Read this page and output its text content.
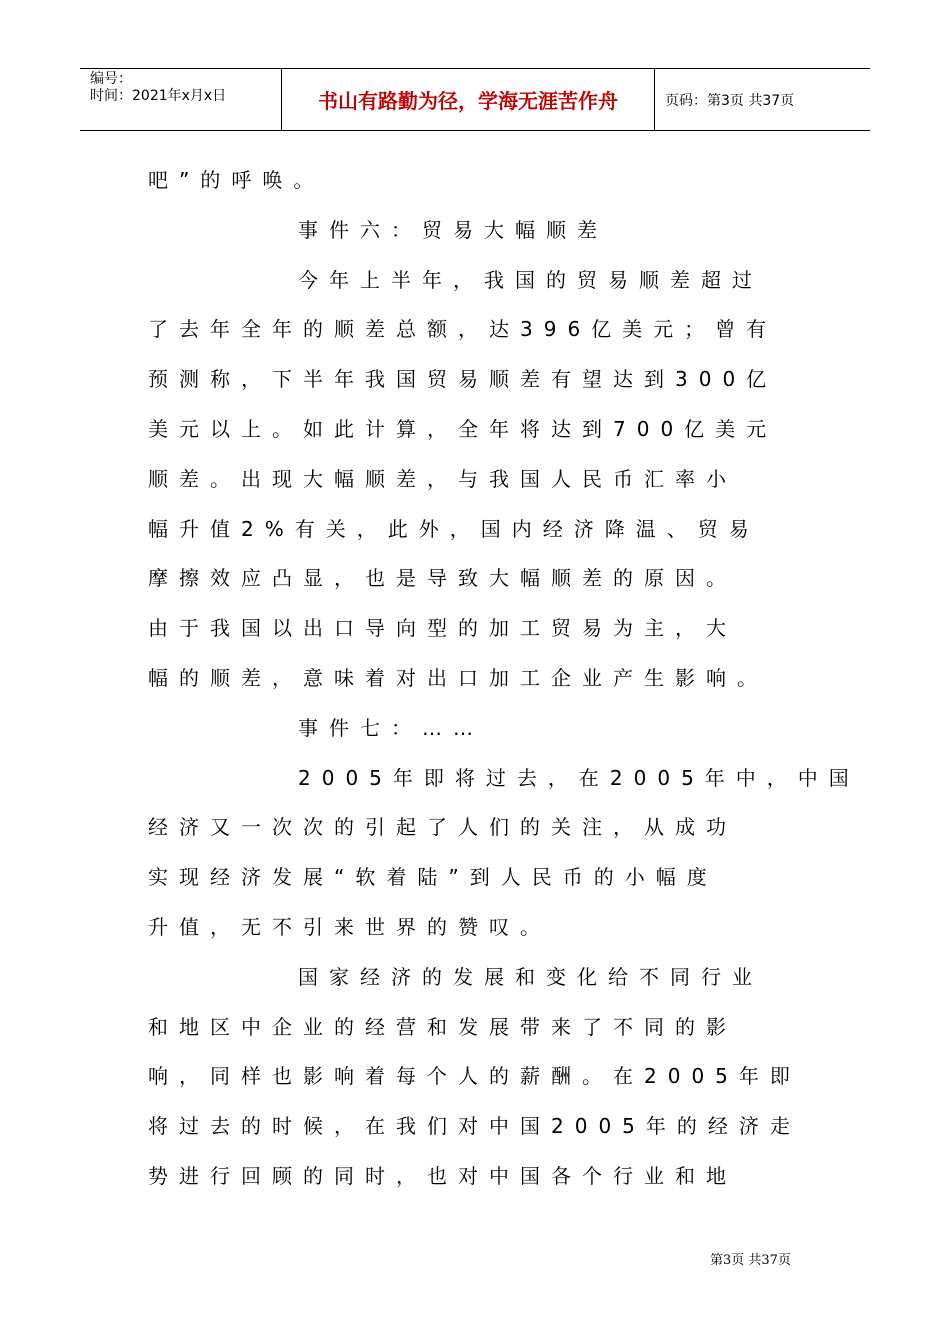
编号：
时间：2021年x月x日	书山有路勤为径，学海无涯苦作舟	页码：第3页 共37页
吧”的呼唤。
事件六：贸易大幅顺差
今年上半年，我国的贸易顺差超过
了去年全年的顺差总额，达396亿美元；曾有
预测称，下半年我国贸易顺差有望达到300亿
美元以上。如此计算，全年将达到700亿美元
顺差。出现大幅顺差，与我国人民币汇率小
幅升值2%有关，此外，国内经济降温、贸易
摩擦效应凸显，也是导致大幅顺差的原因。
由于我国以出口导向型的加工贸易为主，大
幅的顺差，意味着对出口加工企业产生影响。
事件七：……
2005年即将过去，在2005年中，中国
经济又一次次的引起了人们的关注，从成功
实现经济发展“软着陆”到人民币的小幅度
升值，无不引来世界的赞叹。
国家经济的发展和变化给不同行业
和地区中企业的经营和发展带来了不同的影
响，同样也影响着每个人的薪酬。在2005年即
将过去的时候，在我们对中国2005年的经济走
势进行回顾的同时，也对中国各个行业和地
第3页 共37页
